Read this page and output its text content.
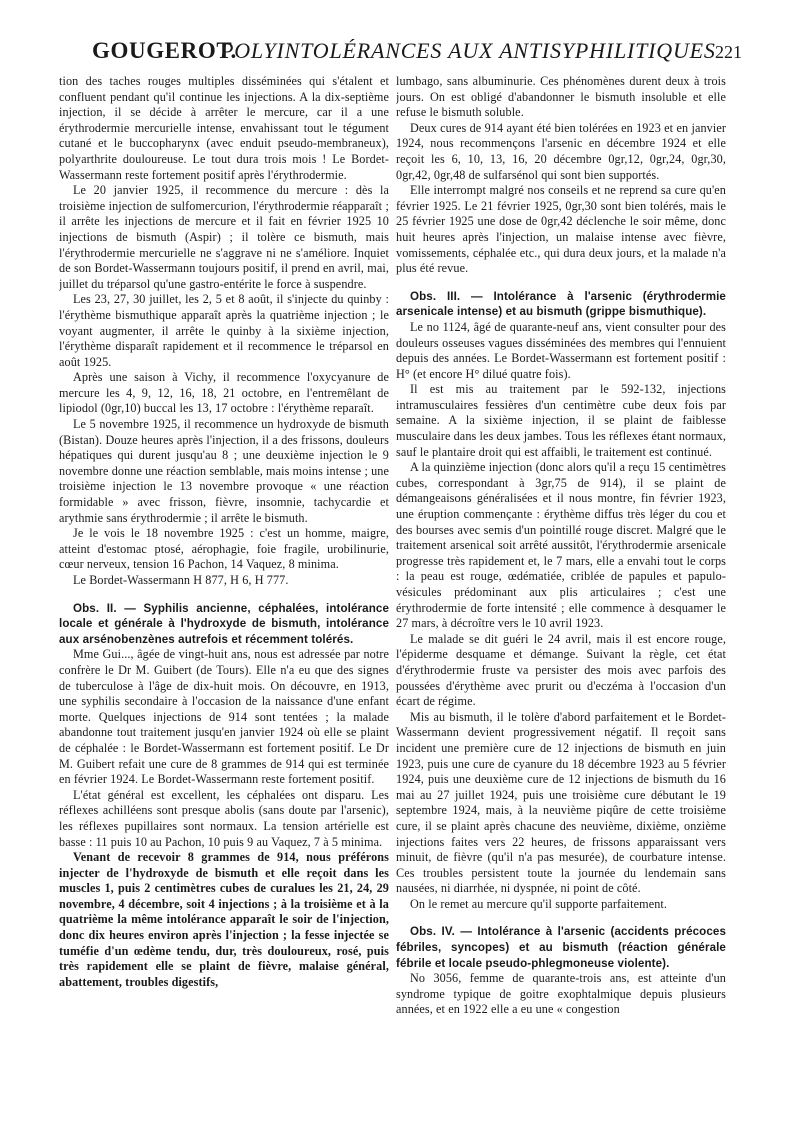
GOUGEROT.
POLYINTOLÉRANCES AUX ANTISYPHILITIQUES 221

tion des taches rouges multiples disséminées qui s'étalent et confluent pendant qu'il continue les injections. A la dix-septième injection, il se décide à arrêter le mercure, car il a une érythrodermie mercurielle intense, envahissant tout le tégument cutané et le buccopharynx (avec enduit pseudo-membraneux), polyarthrite douloureuse. Le tout dura trois mois ! Le Bordet-Wassermann reste fortement positif après l'érythrodermie.

Le 20 janvier 1925, il recommence du mercure : dès la troisième injection de sulfomercurion, l'érythrodermie réapparaît ; il arrête les injections de mercure et il fait en février 1925 10 injections de bismuth (Aspir) ; il tolère ce bismuth, mais l'érythrodermie mercurielle ne s'aggrave ni ne s'améliore. Inquiet de son Bordet-Wassermann toujours positif, il prend en avril, mai, juillet du tréparsol qu'une gastro-entérite le force à suspendre.

Les 23, 27, 30 juillet, les 2, 5 et 8 août, il s'injecte du quinby : l'érythème bismuthique apparaît après la quatrième injection ; le voyant augmenter, il arrête le quinby à la sixième injection, l'érythème disparaît rapidement et il recommence le tréparsol en août 1925.

Après une saison à Vichy, il recommence l'oxycyanure de mercure les 4, 9, 12, 16, 18, 21 octobre, en l'entremêlant de lipiodol (0gr,10) buccal les 13, 17 octobre : l'érythème reparaît.

Le 5 novembre 1925, il recommence un hydroxyde de bismuth (Bistan). Douze heures après l'injection, il a des frissons, douleurs hépatiques qui durent jusqu'au 8 ; une deuxième injection le 9 novembre donne une réaction semblable, mais moins intense ; une troisième injection le 13 novembre provoque « une réaction formidable » avec frisson, fièvre, insomnie, tachycardie et arythmie sans érythrodermie ; il arrête le bismuth.

Je le vois le 18 novembre 1925 : c'est un homme, maigre, atteint d'estomac ptosé, aérophagie, foie fragile, urobilinurie, cœur nerveux, tension 16 Pachon, 14 Vaquez, 8 minima.

Le Bordet-Wassermann H 877, H 6, H 777.

Obs. II. — Syphilis ancienne, céphalées, intolérance locale et générale à l'hydroxyde de bismuth, intolérance aux arsénobenzènes autrefois et récemment tolérés.

Mme Gui..., âgée de vingt-huit ans, nous est adressée par notre confrère le Dr M. Guibert (de Tours). Elle n'a eu que des signes de tuberculose à l'âge de dix-huit mois. On découvre, en 1913, une syphilis secondaire à l'occasion de la naissance d'une enfant morte. Quelques injections de 914 sont tentées ; la malade abandonne tout traitement jusqu'en janvier 1924 où elle se plaint de céphalée : le Bordet-Wassermann est fortement positif. Le Dr M. Guibert refait une cure de 8 grammes de 914 qui est terminée en février 1924. Le Bordet-Wassermann reste fortement positif.

L'état général est excellent, les céphalées ont disparu. Les réflexes achilléens sont presque abolis (sans doute par l'arsenic), les réflexes pupillaires sont normaux. La tension artérielle est basse : 11 puis 10 au Pachon, 10 puis 9 au Vaquez, 7 à 5 minima.

Venant de recevoir 8 grammes de 914, nous préférons injecter de l'hydroxyde de bismuth et elle reçoit dans les muscles 1, puis 2 centimètres cubes de curalues les 21, 24, 29 novembre, 4 décembre, soit 4 injections ; à la troisième et à la quatrième la même intolérance apparaît le soir de l'injection, donc dix heures environ après l'injection ; la fesse injectée se tuméfie d'un œdème tendu, dur, très douloureux, rosé, puis très rapidement elle se plaint de fièvre, malaise général, abattement, troubles digestifs,

lumbago, sans albuminurie. Ces phénomènes durent deux à trois jours. On est obligé d'abandonner le bismuth insoluble et elle refuse le bismuth soluble.

Deux cures de 914 ayant été bien tolérées en 1923 et en janvier 1924, nous recommençons l'arsenic en décembre 1924 et elle reçoit les 6, 10, 13, 16, 20 décembre 0gr,12, 0gr,24, 0gr,30, 0gr,42, 0gr,48 de sulfarsénol qui sont bien supportés.

Elle interrompt malgré nos conseils et ne reprend sa cure qu'en février 1925. Le 21 février 1925, 0gr,30 sont bien tolérés, mais le 25 février 1925 une dose de 0gr,42 déclenche le soir même, donc huit heures après l'injection, un malaise intense avec fièvre, vomissements, céphalée etc., qui dura deux jours, et la malade n'a plus été revue.

Obs. III. — Intolérance à l'arsenic (érythrodermie arsenicale intense) et au bismuth (grippe bismuthique).

Le no 1124, âgé de quarante-neuf ans, vient consulter pour des douleurs osseuses vagues disséminées des membres qui l'ennuient depuis des années. Le Bordet-Wassermann est fortement positif : H° (et encore H° dilué quatre fois).

Il est mis au traitement par le 592-132, injections intramusculaires fessières d'un centimètre cube deux fois par semaine. A la sixième injection, il se plaint de faiblesse musculaire dans les deux jambes. Tous les réflexes étant normaux, sauf le plantaire droit qui est affaibli, le traitement est continué.

A la quinzième injection (donc alors qu'il a reçu 15 centimètres cubes, correspondant à 3gr,75 de 914), il se plaint de démangeaisons généralisées et il nous montre, fin février 1923, une éruption commençante : érythème diffus très léger du cou et des bourses avec semis d'un pointillé rouge discret. Malgré que le traitement arsenical soit arrêté aussitôt, l'érythrodermie arsenicale progresse très rapidement et, le 7 mars, elle a envahi tout le corps : la peau est rouge, œdématiée, criblée de papules et papulo-vésicules prédominant aux plis articulaires ; c'est une érythrodermie de forte intensité ; elle commence à desquamer le 27 mars, à décroître vers le 10 avril 1923.

Le malade se dit guéri le 24 avril, mais il est encore rouge, l'épiderme desquame et démange. Suivant la règle, cet état d'érythrodermie fruste va persister des mois avec parfois des poussées d'érythème avec prurit ou d'eczéma à l'occasion d'un écart de régime.

Mis au bismuth, il le tolère d'abord parfaitement et le Bordet-Wassermann devient progressivement négatif. Il reçoit sans incident une première cure de 12 injections de bismuth en juin 1923, puis une cure de cyanure du 18 décembre 1923 au 5 février 1924, puis une deuxième cure de 12 injections de bismuth du 16 mai au 27 juillet 1924, puis une troisième cure débutant le 19 septembre 1924, mais, à la neuvième piqûre de cette troisième cure, il se plaint après chacune des neuvième, dixième, onzième injections faites vers 22 heures, de frissons apparaissant vers minuit, de fièvre (qu'il n'a pas mesurée), de courbature intense. Ces troubles persistent toute la journée du lendemain sans nausées, ni diarrhée, ni dyspnée, ni point de côté.

On le remet au mercure qu'il supporte parfaitement.

Obs. IV. — Intolérance à l'arsenic (accidents précoces fébriles, syncopes) et au bismuth (réaction générale fébrile et locale pseudo-phlegmoneuse violente).

No 3056, femme de quarante-trois ans, est atteinte d'un syndrome typique de goitre exophtalmique depuis plusieurs années, et en 1922 elle a eu une « congestion
